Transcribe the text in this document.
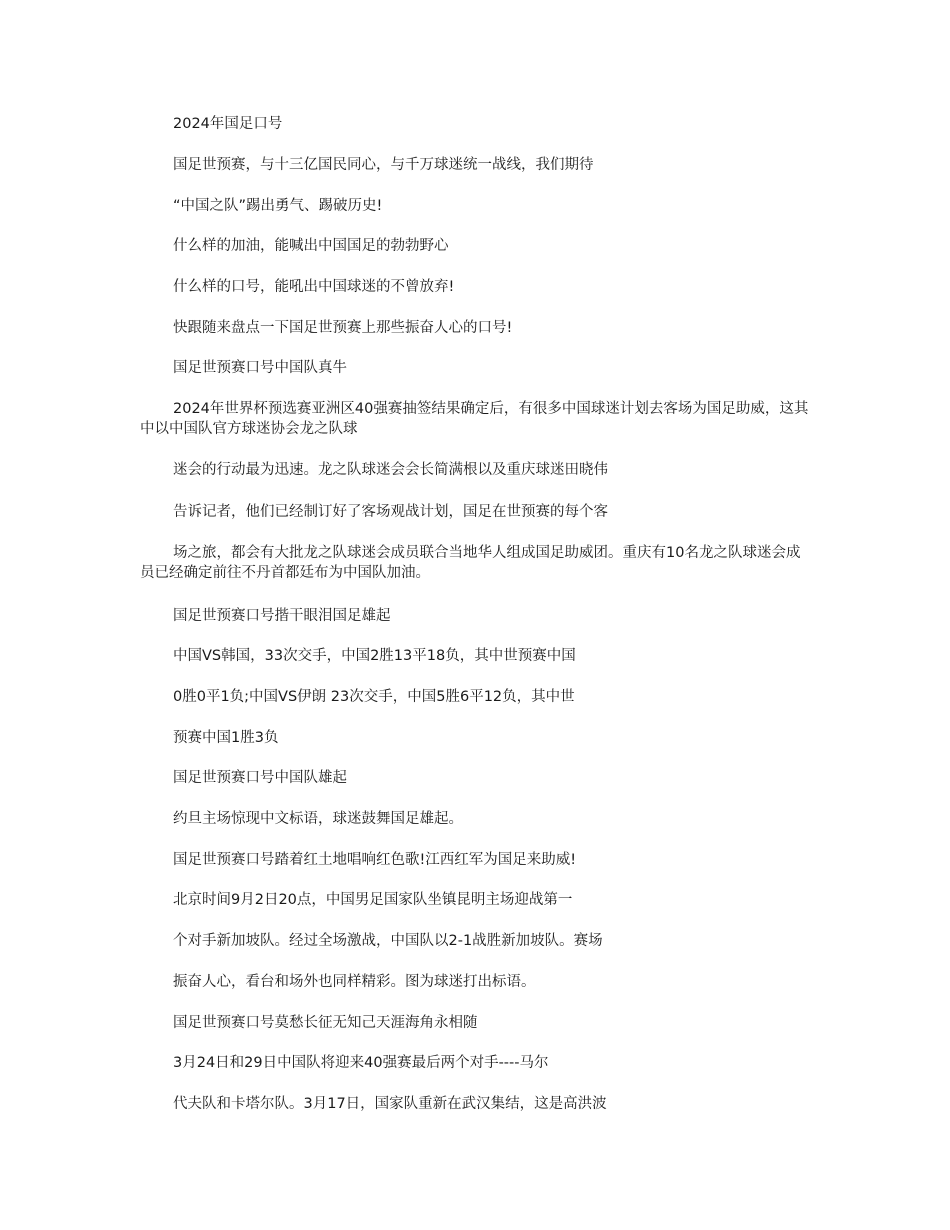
2024年国足口号

国足世预赛，与十三亿国民同心，与千万球迷统一战线，我们期待

“中国之队”踢出勇气、踢破历史!

什么样的加油，能喊出中国国足的勃勃野心

什么样的口号，能吼出中国球迷的不曾放弃!

快跟随来盘点一下国足世预赛上那些振奋人心的口号!

国足世预赛口号中国队真牛

2024年世界杯预选赛亚洲区40强赛抽签结果确定后，有很多中国球迷计划去客场为国足助威，这其中以中国队官方球迷协会龙之队球

迷会的行动最为迅速。龙之队球迷会会长简满根以及重庆球迷田晓伟

告诉记者，他们已经制订好了客场观战计划，国足在世预赛的每个客

场之旅，都会有大批龙之队球迷会成员联合当地华人组成国足助威团。重庆有10名龙之队球迷会成员已经确定前往不丹首都廷布为中国队加油。

国足世预赛口号揩干眼泪国足雄起

中国VS韩国，33次交手，中国2胜13平18负，其中世预赛中国

0胜0平1负;中国VS伊朗 23次交手，中国5胜6平12负，其中世

预赛中国1胜3负

国足世预赛口号中国队雄起

约旦主场惊现中文标语，球迷鼓舞国足雄起。

国足世预赛口号踏着红土地唱响红色歌!江西红军为国足来助威!

北京时间9月2日20点，中国男足国家队坐镇昆明主场迎战第一

个对手新加坡队。经过全场激战，中国队以2-1战胜新加坡队。赛场

振奋人心，看台和场外也同样精彩。图为球迷打出标语。

国足世预赛口号莫愁长征无知己天涯海角永相随

3月24日和29日中国队将迎来40强赛最后两个对手----马尔

代夫队和卡塔尔队。3月17日，国家队重新在武汉集结，这是高洪波
